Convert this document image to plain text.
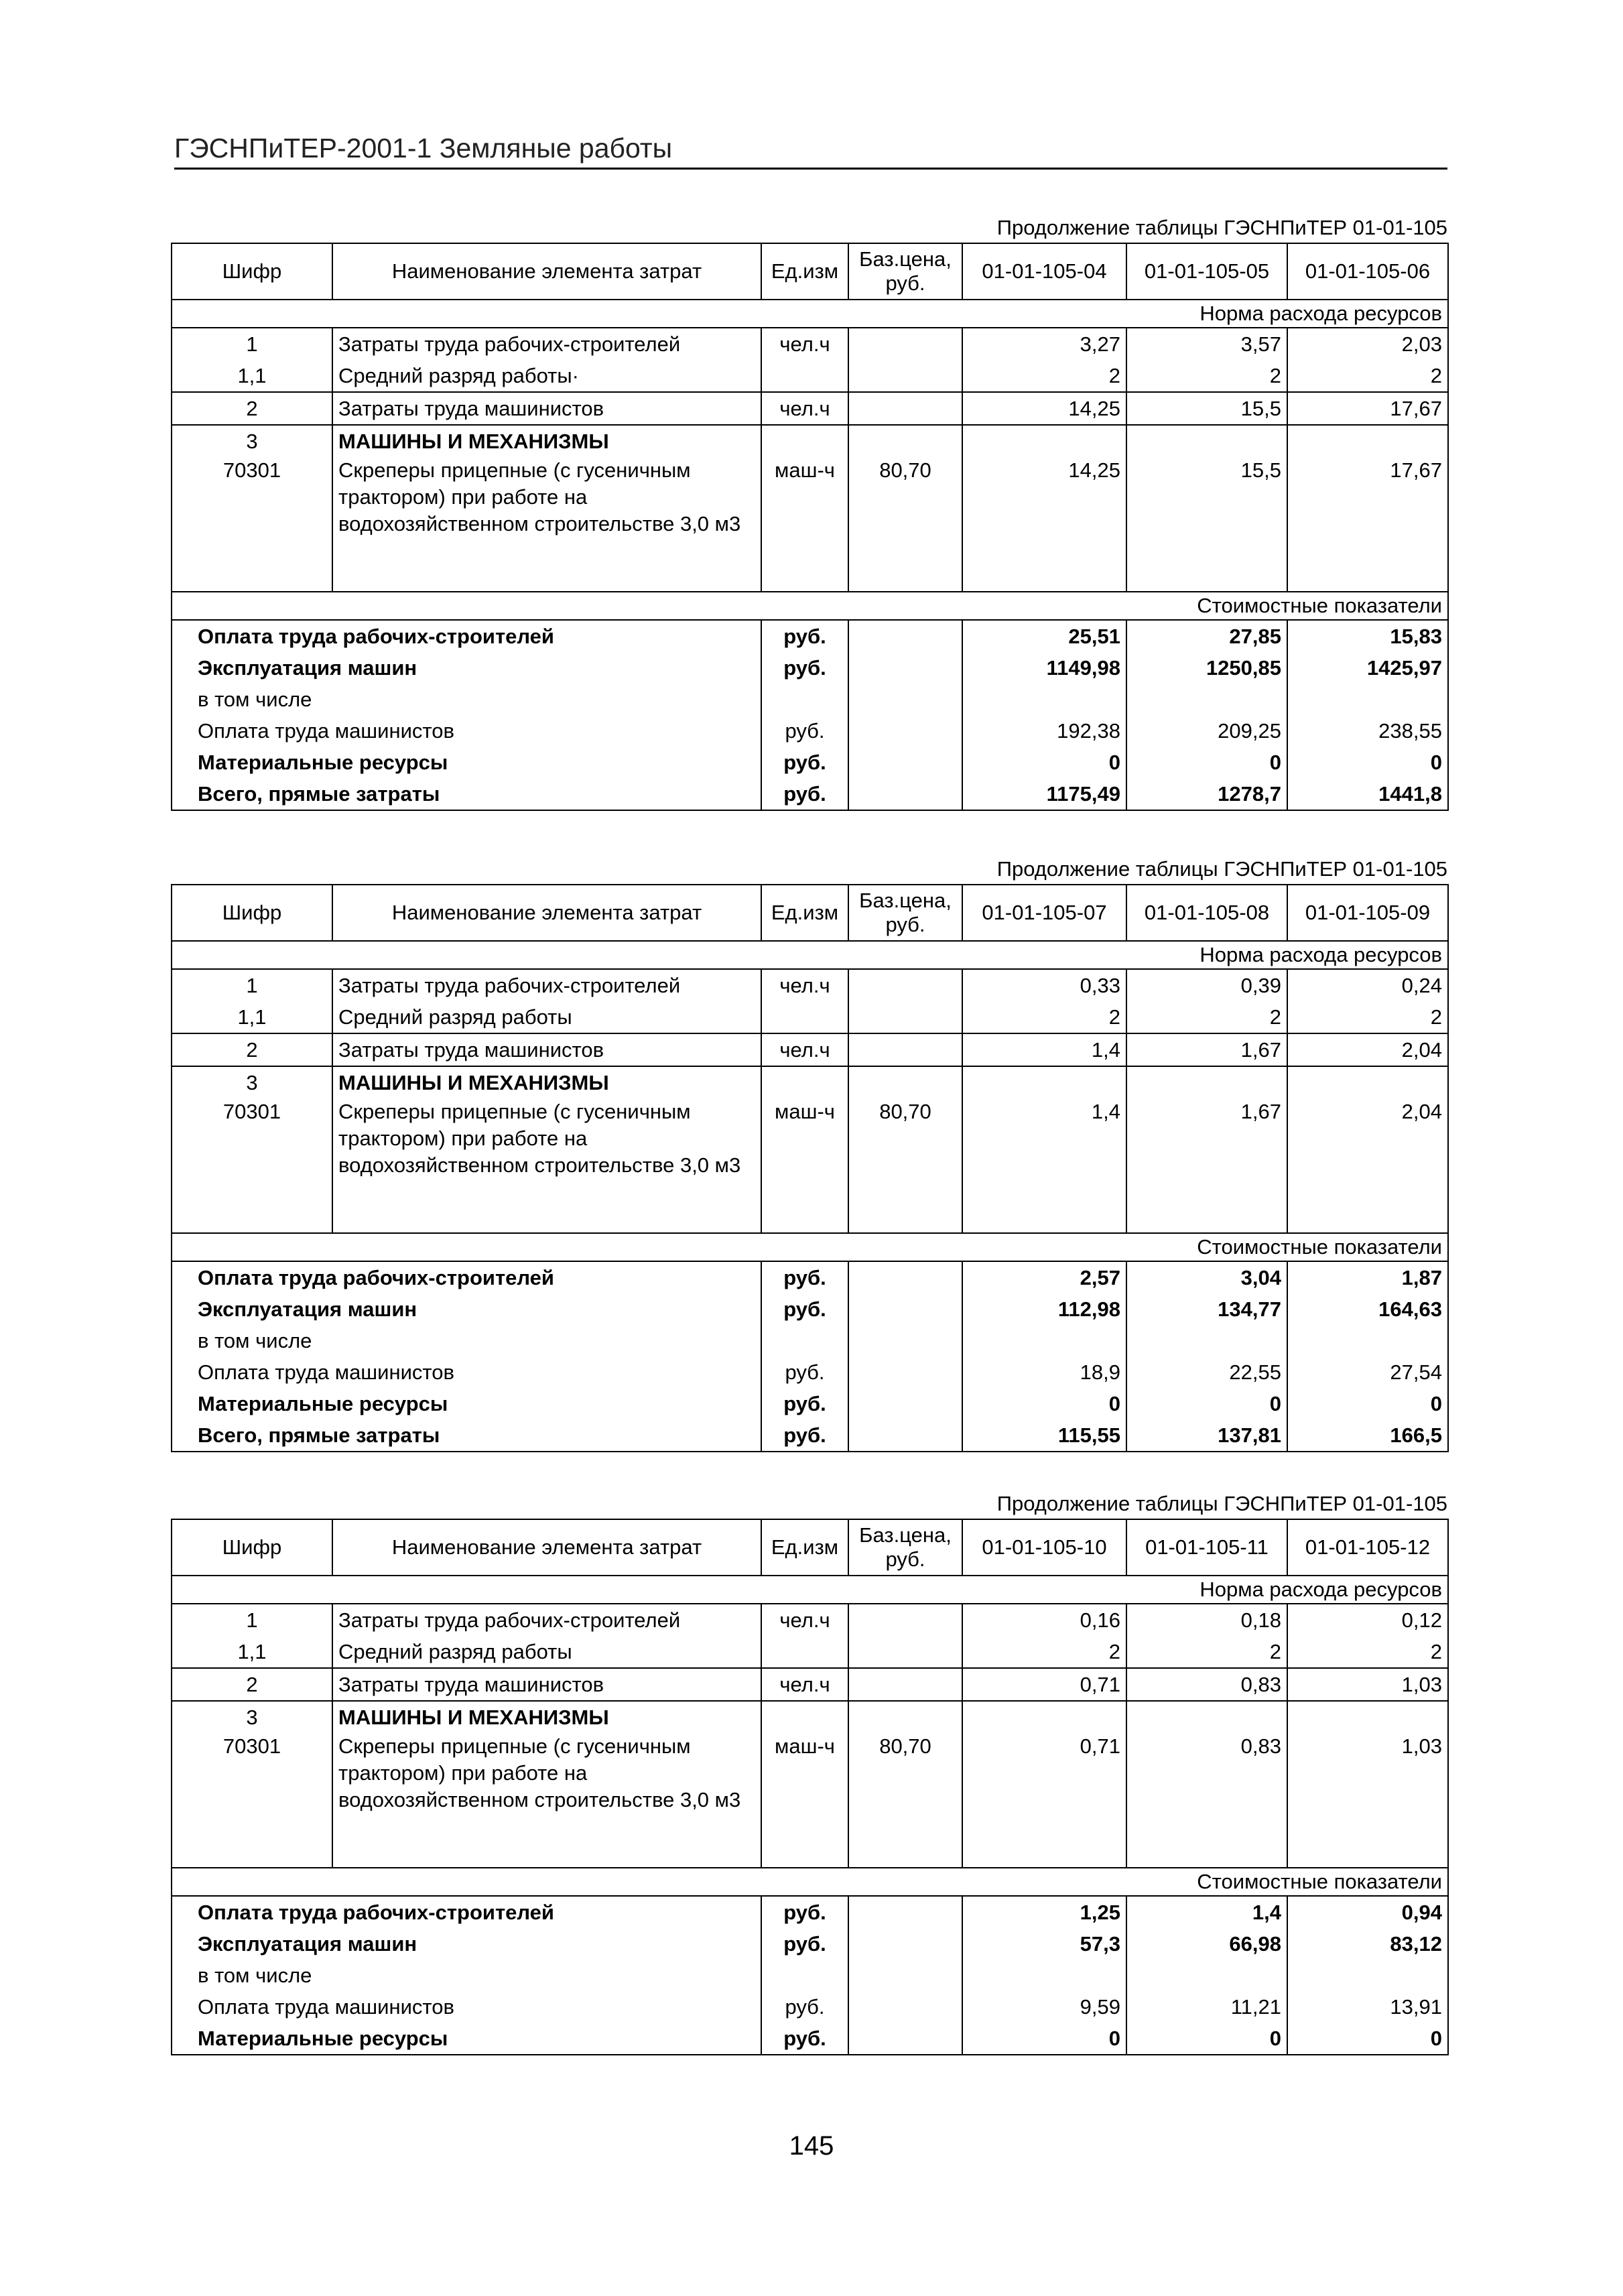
ГЭСНПиТЕР-2001-1 Земляные работы
Продолжение таблицы ГЭСНПиТЕР 01-01-105
Шифр	Наименование элемента затрат	Ед.изм	Баз.цена, руб.	01-01-105-04	01-01-105-05	01-01-105-06
Норма расхода ресурсов						
1	Затраты труда рабочих-строителей	чел.ч		3,27	3,57	2,03
1,1	Средний разряд работы·			2	2	2
2	Затраты труда машинистов	чел.ч		14,25	15,5	17,67
3	МАШИНЫ И МЕХАНИЗМЫ					
70301	Скреперы прицепные (с гусеничным трактором) при работе на водохозяйственном строительстве 3,0 м3	маш-ч	80,70	14,25	15,5	17,67
Стоимостные показатели						
Оплата труда рабочих-строителей		руб.		25,51	27,85	15,83
Эксплуатация машин		руб.		1149,98	1250,85	1425,97
в том числе						
Оплата труда машинистов		руб.		192,38	209,25	238,55
Материальные ресурсы		руб.		0	0	0
Всего, прямые затраты		руб.		1175,49	1278,7	1441,8
Продолжение таблицы ГЭСНПиТЕР 01-01-105
Шифр	Наименование элемента затрат	Ед.изм	Баз.цена, руб.	01-01-105-07	01-01-105-08	01-01-105-09
Норма расхода ресурсов						
1	Затраты труда рабочих-строителей	чел.ч		0,33	0,39	0,24
1,1	Средний разряд работы			2	2	2
2	Затраты труда машинистов	чел.ч		1,4	1,67	2,04
3	МАШИНЫ И МЕХАНИЗМЫ					
70301	Скреперы прицепные (с гусеничным трактором) при работе на водохозяйственном строительстве 3,0 м3	маш-ч	80,70	1,4	1,67	2,04
Стоимостные показатели						
Оплата труда рабочих-строителей		руб.		2,57	3,04	1,87
Эксплуатация машин		руб.		112,98	134,77	164,63
в том числе						
Оплата труда машинистов		руб.		18,9	22,55	27,54
Материальные ресурсы		руб.		0	0	0
Всего, прямые затраты		руб.		115,55	137,81	166,5
Продолжение таблицы ГЭСНПиТЕР 01-01-105
Шифр	Наименование элемента затрат	Ед.изм	Баз.цена, руб.	01-01-105-10	01-01-105-11	01-01-105-12
Норма расхода ресурсов						
1	Затраты труда рабочих-строителей	чел.ч		0,16	0,18	0,12
1,1	Средний разряд работы			2	2	2
2	Затраты труда машинистов	чел.ч		0,71	0,83	1,03
3	МАШИНЫ И МЕХАНИЗМЫ					
70301	Скреперы прицепные (с гусеничным трактором) при работе на водохозяйственном строительстве 3,0 м3	маш-ч	80,70	0,71	0,83	1,03
Стоимостные показатели						
Оплата труда рабочих-строителей		руб.		1,25	1,4	0,94
Эксплуатация машин		руб.		57,3	66,98	83,12
в том числе						
Оплата труда машинистов		руб.		9,59	11,21	13,91
Материальные ресурсы		руб.		0	0	0
145
